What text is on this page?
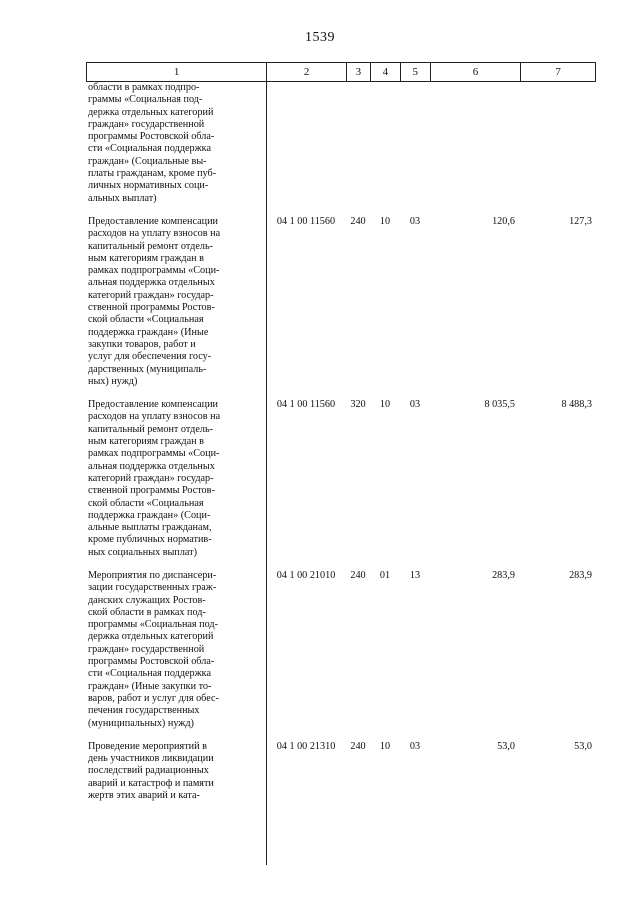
1539
1	2	3	4	5	6	7
области в рамках подпро-
граммы «Социальная под-
держка отдельных категорий
граждан» государственной
программы Ростовской обла-
сти «Социальная поддержка
граждан» (Социальные вы-
платы гражданам, кроме пуб-
личных нормативных соци-
альных выплат)
Предоставление компенсации
расходов на уплату взносов на
капитальный ремонт отдель-
ным категориям граждан в
рамках подпрограммы «Соци-
альная поддержка отдельных
категорий граждан» государ-
ственной программы Ростов-
ской области «Социальная
поддержка граждан» (Иные
закупки товаров, работ и
услуг для обеспечения госу-
дарственных (муниципаль-
ных) нужд)
04 1 00 11560	240	10	03	120,6	127,3
Предоставление компенсации
расходов на уплату взносов на
капитальный ремонт отдель-
ным категориям граждан в
рамках подпрограммы «Соци-
альная поддержка отдельных
категорий граждан» государ-
ственной программы Ростов-
ской области «Социальная
поддержка граждан» (Соци-
альные выплаты гражданам,
кроме публичных норматив-
ных социальных выплат)
04 1 00 11560	320	10	03	8 035,5	8 488,3
Мероприятия по диспансери-
зации государственных граж-
данских служащих Ростов-
ской области в рамках под-
программы «Социальная под-
держка отдельных категорий
граждан» государственной
программы Ростовской обла-
сти «Социальная поддержка
граждан» (Иные закупки то-
варов, работ и услуг для обес-
печения государственных
(муниципальных) нужд)
04 1 00 21010	240	01	13	283,9	283,9
Проведение мероприятий в
день участников ликвидации
последствий радиационных
аварий и катастроф и памяти
жертв этих аварий и ката-
04 1 00 21310	240	10	03	53,0	53,0
